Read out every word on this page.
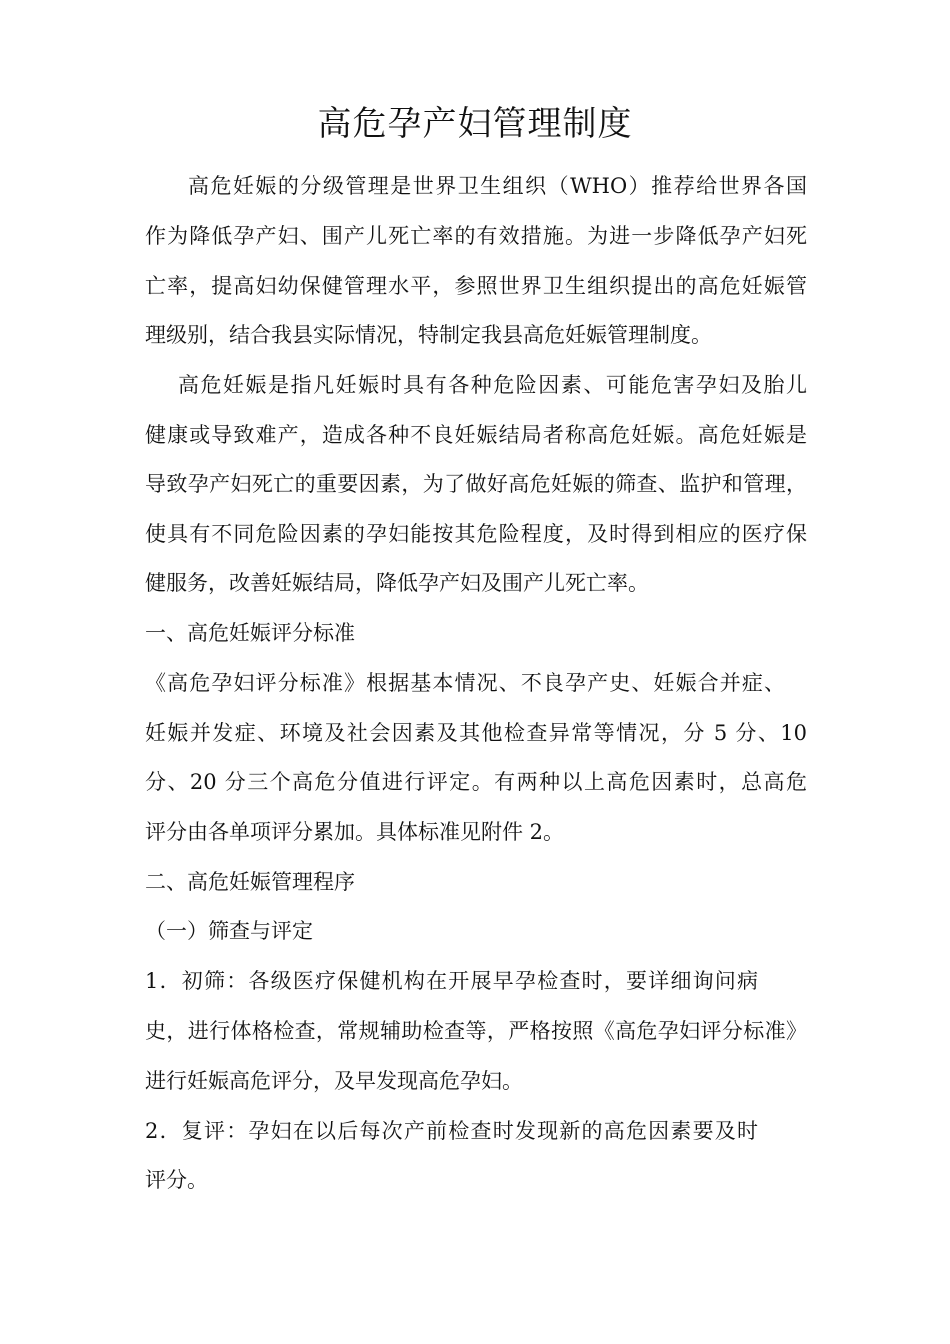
高危孕产妇管理制度
高危妊娠的分级管理是世界卫生组织（WHO）推荐给世界各国
作为降低孕产妇、围产儿死亡率的有效措施。为进一步降低孕产妇死
亡率，提高妇幼保健管理水平，参照世界卫生组织提出的高危妊娠管
理级别，结合我县实际情况，特制定我县高危妊娠管理制度。
高危妊娠是指凡妊娠时具有各种危险因素、可能危害孕妇及胎儿
健康或导致难产，造成各种不良妊娠结局者称高危妊娠。高危妊娠是
导致孕产妇死亡的重要因素，为了做好高危妊娠的筛查、监护和管理，
使具有不同危险因素的孕妇能按其危险程度，及时得到相应的医疗保
健服务，改善妊娠结局，降低孕产妇及围产儿死亡率。
一、高危妊娠评分标准
《高危孕妇评分标准》根据基本情况、不良孕产史、妊娠合并症、
妊娠并发症、环境及社会因素及其他检查异常等情况，分 5 分、10
分、20 分三个高危分值进行评定。有两种以上高危因素时，总高危
评分由各单项评分累加。具体标准见附件 2。
二、高危妊娠管理程序
（一）筛查与评定
1．初筛：各级医疗保健机构在开展早孕检查时，要详细询问病
史，进行体格检查，常规辅助检查等，严格按照《高危孕妇评分标准》
进行妊娠高危评分，及早发现高危孕妇。
2．复评：孕妇在以后每次产前检查时发现新的高危因素要及时
评分。
